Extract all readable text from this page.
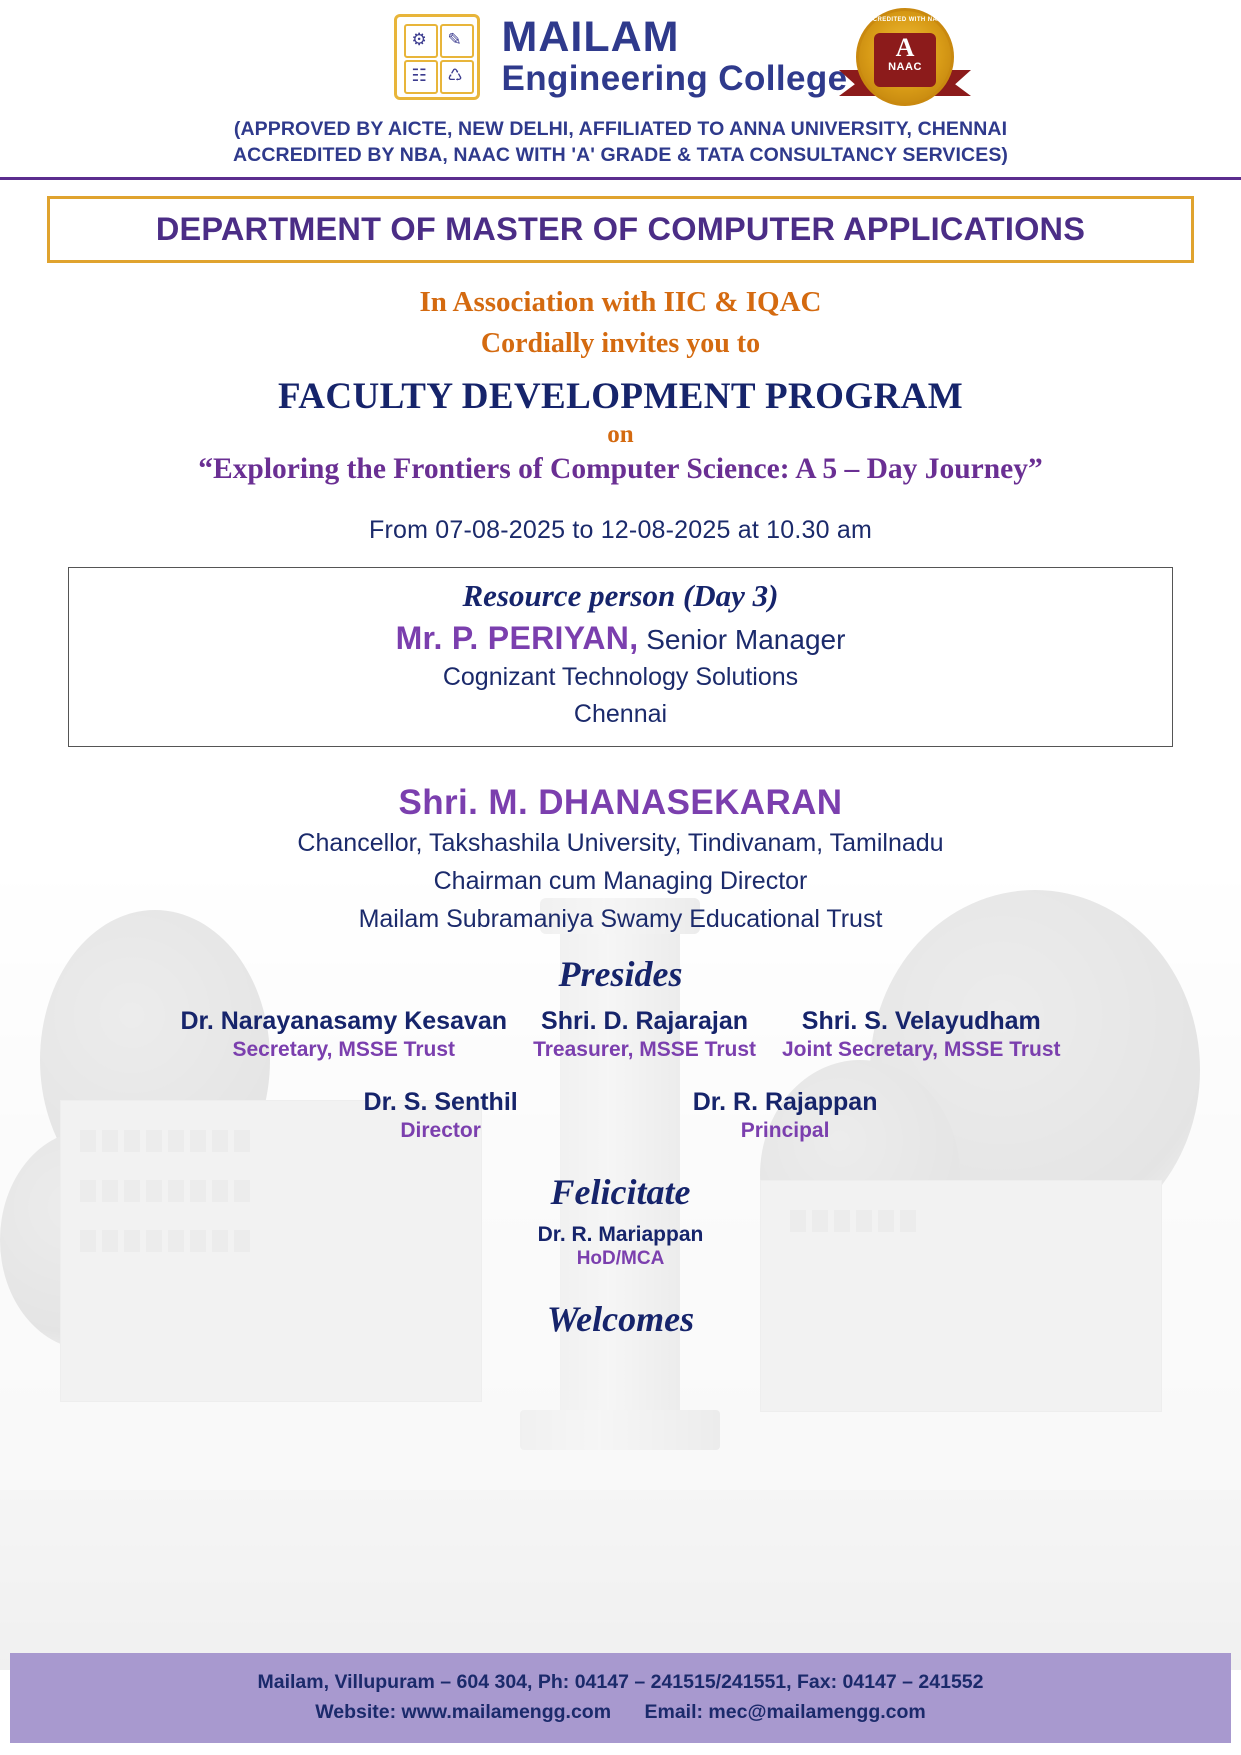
⚙ ✎
☷ ♺
MAILAM
Engineering College
ACCREDITED WITH NAAC
A
NAAC
(APPROVED BY AICTE, NEW DELHI, AFFILIATED TO ANNA UNIVERSITY, CHENNAI
ACCREDITED BY NBA, NAAC WITH 'A' GRADE & TATA CONSULTANCY SERVICES)
DEPARTMENT OF MASTER OF COMPUTER APPLICATIONS
In Association with IIC & IQAC
Cordially invites you to
FACULTY DEVELOPMENT PROGRAM
on
“Exploring the Frontiers of Computer Science: A 5 – Day Journey”
From 07-08-2025 to 12-08-2025 at 10.30 am
Resource person (Day 3)
Mr. P. PERIYAN, Senior Manager
Cognizant Technology Solutions
Chennai
Shri. M. DHANASEKARAN
Chancellor, Takshashila University, Tindivanam, Tamilnadu
Chairman cum Managing Director
Mailam Subramaniya Swamy Educational Trust
Presides
Dr. Narayanasamy Kesavan
Secretary, MSSE Trust
Shri. D. Rajarajan
Treasurer, MSSE Trust
Shri. S. Velayudham
Joint Secretary, MSSE Trust
Dr. S. Senthil
Director
Dr. R. Rajappan
Principal
Felicitate
Dr. R. Mariappan
HoD/MCA
Welcomes
Mailam, Villupuram – 604 304, Ph: 04147 – 241515/241551, Fax: 04147 – 241552
Website: www.mailamengg.com Email: mec@mailamengg.com
